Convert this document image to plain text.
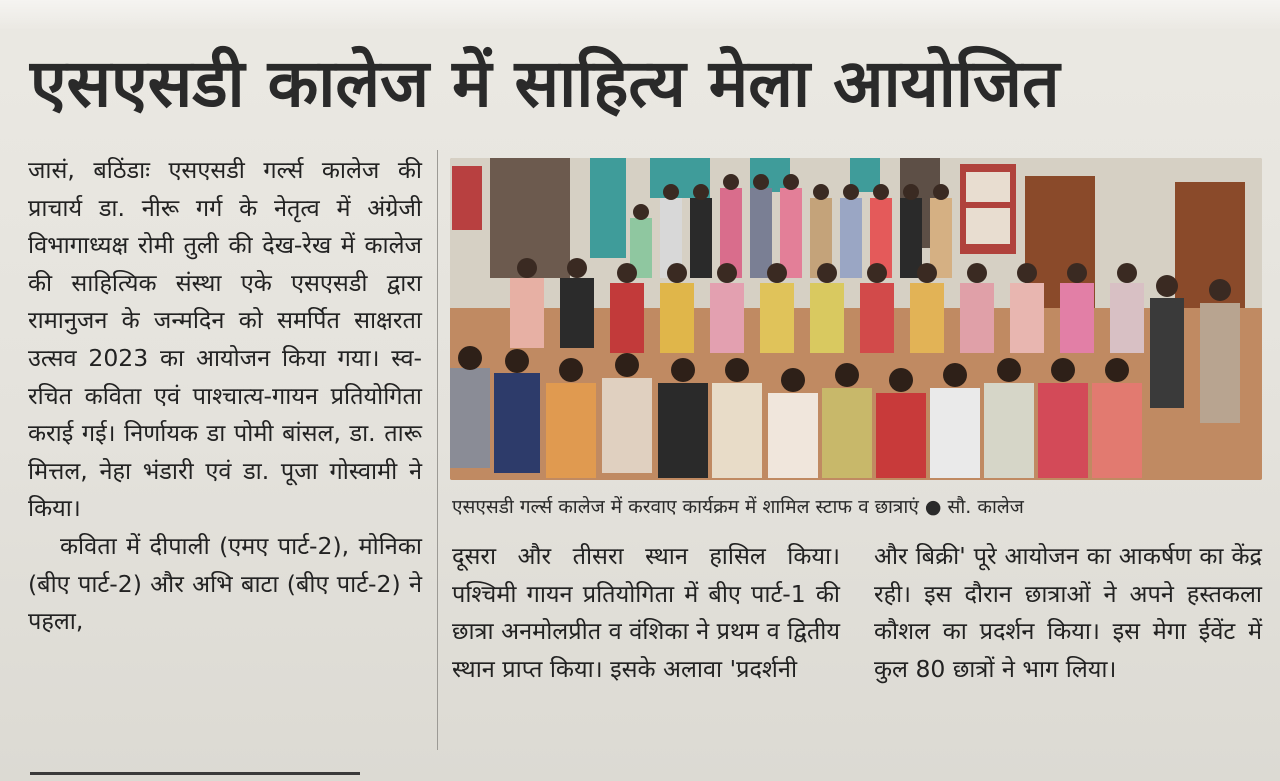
एसएसडी कालेज में साहित्य मेला आयोजित

जासं, बठिंडाः एसएसडी गर्ल्स कालेज की प्राचार्य डा. नीरू गर्ग के नेतृत्व में अंग्रेजी विभागाध्यक्ष रोमी तुली की देख-रेख में कालेज की साहित्यिक संस्था एके एसएसडी द्वारा रामानुजन के जन्मदिन को समर्पित साक्षरता उत्सव 2023 का आयोजन किया गया। स्व-रचित कविता एवं पाश्चात्य-गायन प्रतियोगिता कराई गई। निर्णायक डा पोमी बांसल, डा. तारू मित्तल, नेहा भंडारी एवं डा. पूजा गोस्वामी ने किया।

कविता में दीपाली (एमए पार्ट-2), मोनिका (बीए पार्ट-2) और अभि बाटा (बीए पार्ट-2) ने पहला,

एसएसडी गर्ल्स कालेज में करवाए कार्यक्रम में शामिल स्टाफ व छात्राएं ● सौ. कालेज

दूसरा और तीसरा स्थान हासिल किया। पश्चिमी गायन प्रतियोगिता में बीए पार्ट-1 की छात्रा अनमोलप्रीत व वंशिका ने प्रथम व द्वितीय स्थान प्राप्त किया। इसके अलावा 'प्रदर्शनी

और बिक्री' पूरे आयोजन का आकर्षण का केंद्र रही। इस दौरान छात्राओं ने अपने हस्तकला कौशल का प्रदर्शन किया। इस मेगा ईवेंट में कुल 80 छात्रों ने भाग लिया।
